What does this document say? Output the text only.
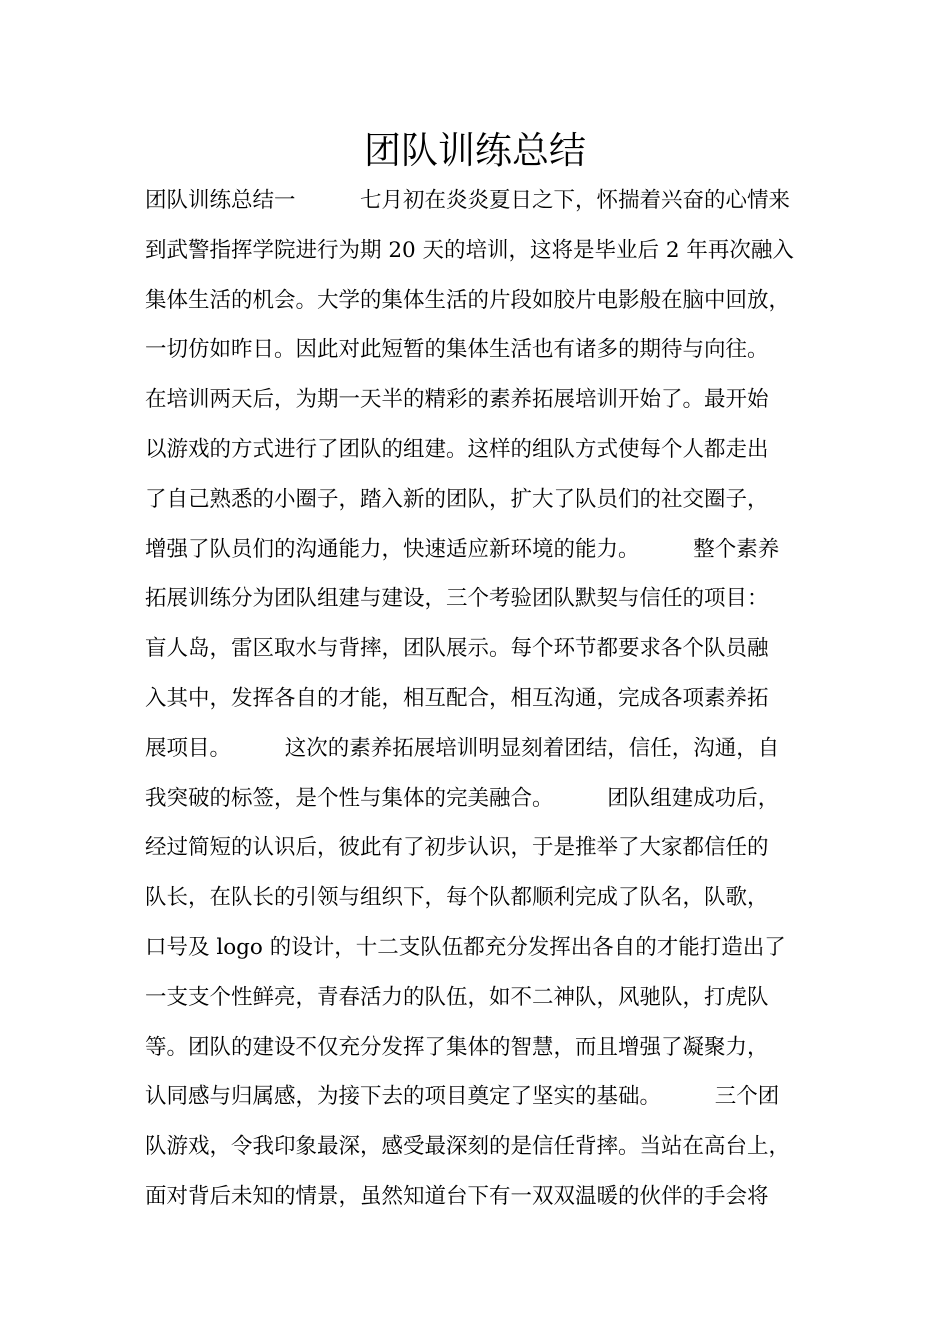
团队训练总结
团队训练总结一　　　七月初在炎炎夏日之下，怀揣着兴奋的心情来
到武警指挥学院进行为期 20 天的培训，这将是毕业后 2 年再次融入
集体生活的机会。大学的集体生活的片段如胶片电影般在脑中回放，
一切仿如昨日。因此对此短暂的集体生活也有诸多的期待与向往。
在培训两天后，为期一天半的精彩的素养拓展培训开始了。最开始
以游戏的方式进行了团队的组建。这样的组队方式使每个人都走出
了自己熟悉的小圈子，踏入新的团队，扩大了队员们的社交圈子，
增强了队员们的沟通能力，快速适应新环境的能力。　　　整个素养
拓展训练分为团队组建与建设，三个考验团队默契与信任的项目：
盲人岛，雷区取水与背摔，团队展示。每个环节都要求各个队员融
入其中，发挥各自的才能，相互配合，相互沟通，完成各项素养拓
展项目。　　　这次的素养拓展培训明显刻着团结，信任，沟通，自
我突破的标签，是个性与集体的完美融合。　　　团队组建成功后，
经过简短的认识后，彼此有了初步认识，于是推举了大家都信任的
队长，在队长的引领与组织下，每个队都顺利完成了队名，队歌，
口号及 logo 的设计，十二支队伍都充分发挥出各自的才能打造出了
一支支个性鲜亮，青春活力的队伍，如不二神队，风驰队，打虎队
等。团队的建设不仅充分发挥了集体的智慧，而且增强了凝聚力，
认同感与归属感，为接下去的项目奠定了坚实的基础。　　　三个团
队游戏，令我印象最深，感受最深刻的是信任背摔。当站在高台上，
面对背后未知的情景，虽然知道台下有一双双温暖的伙伴的手会将
